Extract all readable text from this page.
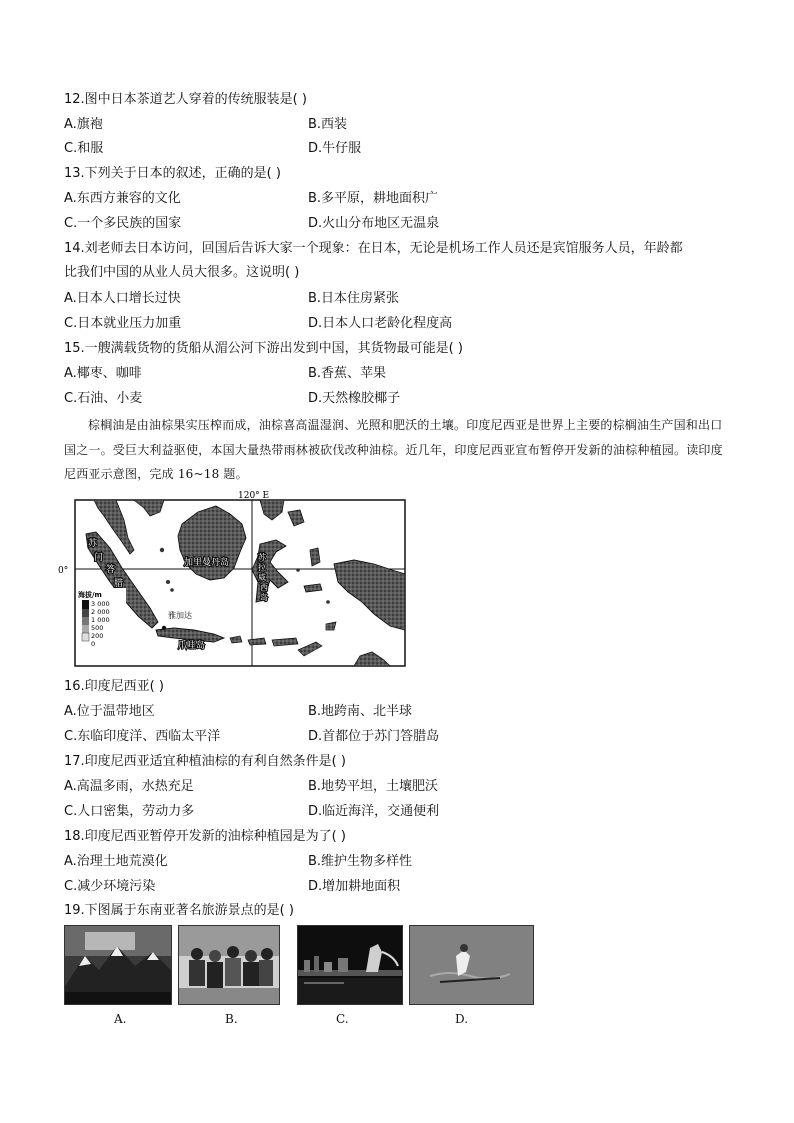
12.图中日本茶道艺人穿着的传统服装是( )
A.旗袍	B.西装
C.和服	D.牛仔服
13.下列关于日本的叙述，正确的是( )
A.东西方兼容的文化	B.多平原，耕地面积广
C.一个多民族的国家	D.火山分布地区无温泉
14.刘老师去日本访问，回国后告诉大家一个现象：在日本，无论是机场工作人员还是宾馆服务人员，年龄都
比我们中国的从业人员大很多。这说明( )
A.日本人口增长过快	B.日本住房紧张
C.日本就业压力加重	D.日本人口老龄化程度高
15.一艘满载货物的货船从湄公河下游出发到中国，其货物最可能是( )
A.椰枣、咖啡	B.香蕉、苹果
C.石油、小麦	D.天然橡胶椰子
棕榈油是由油棕果实压榨而成，油棕喜高温湿润、光照和肥沃的土壤。印度尼西亚是世界上主要的棕榈油生产国和出口国之一。受巨大利益驱使，本国大量热带雨林被砍伐改种油棕。近几年，印度尼西亚宣布暂停开发新的油棕种植园。读印度尼西亚示意图，完成 16~18 题。
120° E
0°
海拔/m
3 000
2 000
1 000
500
200
0
苏
门
答
腊
加里曼丹岛
爪哇岛
雅加达
苏
拉
威
西
岛
16.印度尼西亚( )
A.位于温带地区	B.地跨南、北半球
C.东临印度洋、西临太平洋	D.首都位于苏门答腊岛
17.印度尼西亚适宜种植油棕的有利自然条件是( )
A.高温多雨，水热充足	B.地势平坦，土壤肥沃
C.人口密集，劳动力多	D.临近海洋，交通便利
18.印度尼西亚暂停开发新的油棕种植园是为了( )
A.治理土地荒漠化	B.维护生物多样性
C.减少环境污染	D.增加耕地面积
19.下图属于东南亚著名旅游景点的是( )
A.	B.	C.	D.
